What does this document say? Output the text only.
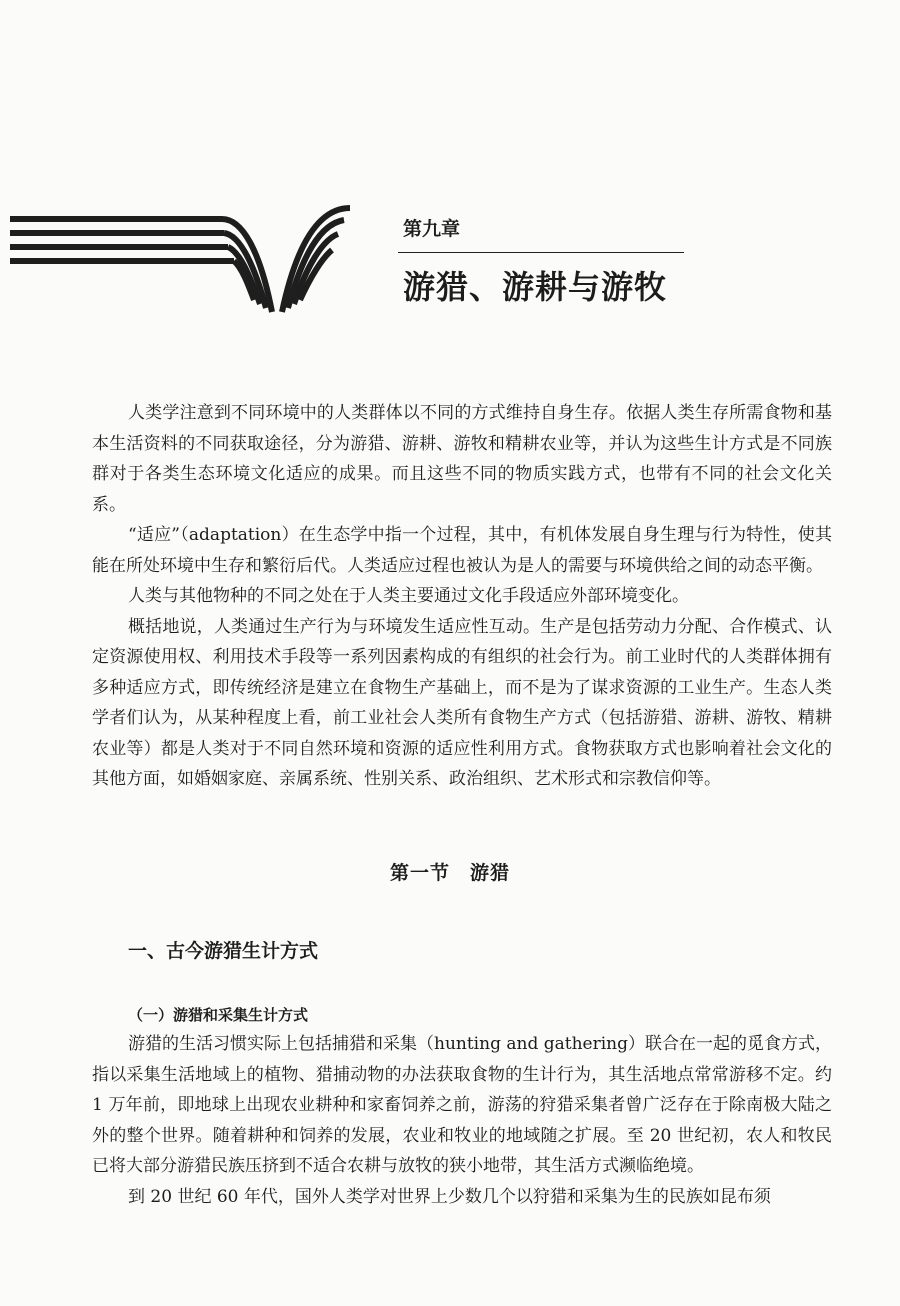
第九章
游猎、游耕与游牧

人类学注意到不同环境中的人类群体以不同的方式维持自身生存。依据人类生存所需食物和基本生活资料的不同获取途径，分为游猎、游耕、游牧和精耕农业等，并认为这些生计方式是不同族群对于各类生态环境文化适应的成果。而且这些不同的物质实践方式，也带有不同的社会文化关系。

“适应”（adaptation）在生态学中指一个过程，其中，有机体发展自身生理与行为特性，使其能在所处环境中生存和繁衍后代。人类适应过程也被认为是人的需要与环境供给之间的动态平衡。

人类与其他物种的不同之处在于人类主要通过文化手段适应外部环境变化。

概括地说，人类通过生产行为与环境发生适应性互动。生产是包括劳动力分配、合作模式、认定资源使用权、利用技术手段等一系列因素构成的有组织的社会行为。前工业时代的人类群体拥有多种适应方式，即传统经济是建立在食物生产基础上，而不是为了谋求资源的工业生产。生态人类学者们认为，从某种程度上看，前工业社会人类所有食物生产方式（包括游猎、游耕、游牧、精耕农业等）都是人类对于不同自然环境和资源的适应性利用方式。食物获取方式也影响着社会文化的其他方面，如婚姻家庭、亲属系统、性别关系、政治组织、艺术形式和宗教信仰等。

第一节　游猎
一、古今游猎生计方式
（一）游猎和采集生计方式

游猎的生活习惯实际上包括捕猎和采集（hunting and gathering）联合在一起的觅食方式，指以采集生活地域上的植物、猎捕动物的办法获取食物的生计行为，其生活地点常常游移不定。约 1 万年前，即地球上出现农业耕种和家畜饲养之前，游荡的狩猎采集者曾广泛存在于除南极大陆之外的整个世界。随着耕种和饲养的发展，农业和牧业的地域随之扩展。至 20 世纪初，农人和牧民已将大部分游猎民族压挤到不适合农耕与放牧的狭小地带，其生活方式濒临绝境。

到 20 世纪 60 年代，国外人类学对世界上少数几个以狩猎和采集为生的民族如昆布须
